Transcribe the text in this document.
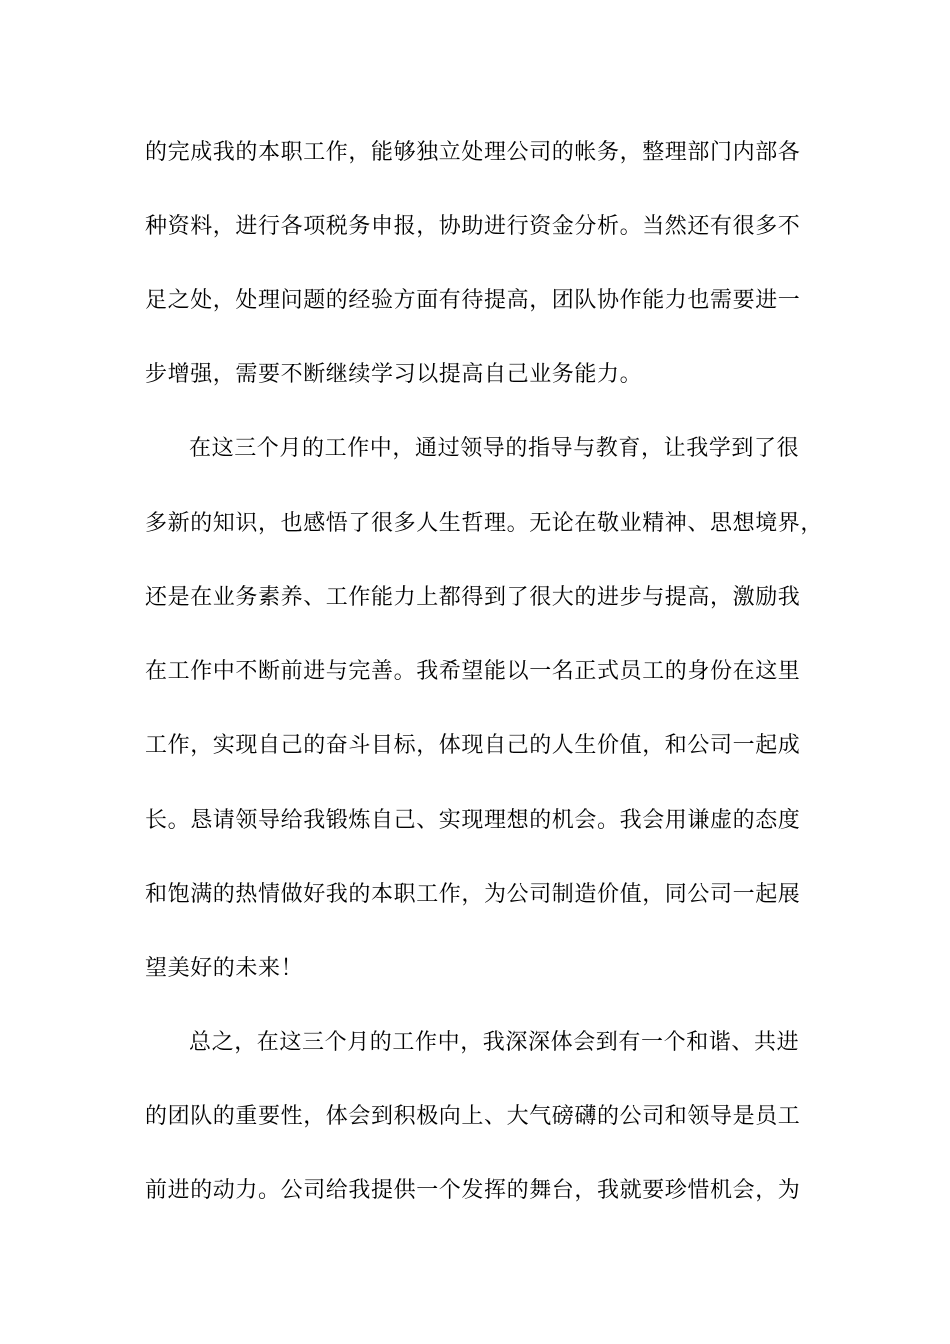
的完成我的本职工作，能够独立处理公司的帐务，整理部门内部各
种资料，进行各项税务申报，协助进行资金分析。当然还有很多不
足之处，处理问题的经验方面有待提高，团队协作能力也需要进一
步增强，需要不断继续学习以提高自己业务能力。
在这三个月的工作中，通过领导的指导与教育，让我学到了很
多新的知识，也感悟了很多人生哲理。无论在敬业精神、思想境界，
还是在业务素养、工作能力上都得到了很大的进步与提高，激励我
在工作中不断前进与完善。我希望能以一名正式员工的身份在这里
工作，实现自己的奋斗目标，体现自己的人生价值，和公司一起成
长。恳请领导给我锻炼自己、实现理想的机会。我会用谦虚的态度
和饱满的热情做好我的本职工作，为公司制造价值，同公司一起展
望美好的未来！
总之，在这三个月的工作中，我深深体会到有一个和谐、共进
的团队的重要性，体会到积极向上、大气磅礴的公司和领导是员工
前进的动力。公司给我提供一个发挥的舞台，我就要珍惜机会，为
